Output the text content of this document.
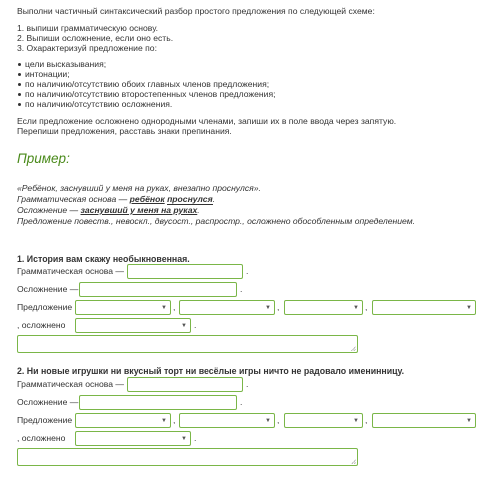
Выполни частичный синтаксический разбор простого предложения по следующей схеме:
1. выпиши грамматическую основу.
2. Выпиши осложнение, если оно есть.
3. Охарактеризуй предложение по:
цели высказывания;
интонации;
по наличию/отсутствию обоих главных членов предложения;
по наличию/отсутствию второстепенных членов предложения;
по наличию/отсутствию осложнения.
Если предложение осложнено однородными членами, запиши их в поле ввода через запятую.
Перепиши предложения, расставь знаки препинания.
Пример:
«Ребёнок, заснувший у меня на руках, внезапно проснулся».
Грамматическая основа — ребёнок проснулся.
Осложнение — заснувший у меня на руках.
Предложение повеств., невоскл., двусост., распростр., осложнено обособленным определением.
1. История вам скажу необыкновенная.
Грамматическая основа —	.
Осложнение —	.
Предложение	▼ ,	▼ ,	▼ ,	▼
, осложнено	▼ .
2. Ни новые игрушки ни вкусный торт ни весёлые игры ничто не радовало именинницу.
Грамматическая основа —	.
Осложнение —	.
Предложение	▼ ,	▼ ,	▼ ,	▼
, осложнено	▼ .
